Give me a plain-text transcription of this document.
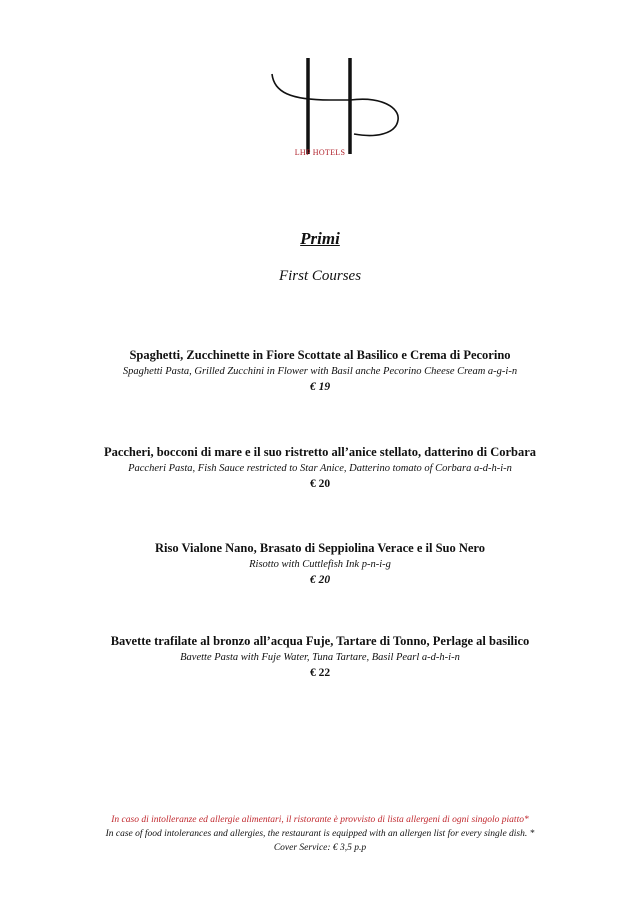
LHP HOTELS
Primi
First Courses
Spaghetti, Zucchinette in Fiore Scottate al Basilico e Crema di Pecorino
Spaghetti Pasta, Grilled Zucchini in Flower with Basil anche Pecorino Cheese Cream a-g-i-n
€ 19
Paccheri, bocconi di mare e il suo ristretto all’anice stellato, datterino di Corbara
Paccheri Pasta, Fish Sauce restricted to Star Anice, Datterino tomato of Corbara a-d-h-i-n
€ 20
Riso Vialone Nano, Brasato di Seppiolina Verace e il Suo Nero
Risotto with Cuttlefish Ink p-n-i-g
€ 20
Bavette trafilate al bronzo all’acqua Fuje, Tartare di Tonno, Perlage al basilico
Bavette Pasta with Fuje Water, Tuna Tartare, Basil Pearl a-d-h-i-n
€ 22
In caso di intolleranze ed allergie alimentari, il ristorante è provvisto di lista allergeni di ogni singolo piatto*
In case of food intolerances and allergies, the restaurant is equipped with an allergen list for every single dish. *
Cover Service: € 3,5 p.p
